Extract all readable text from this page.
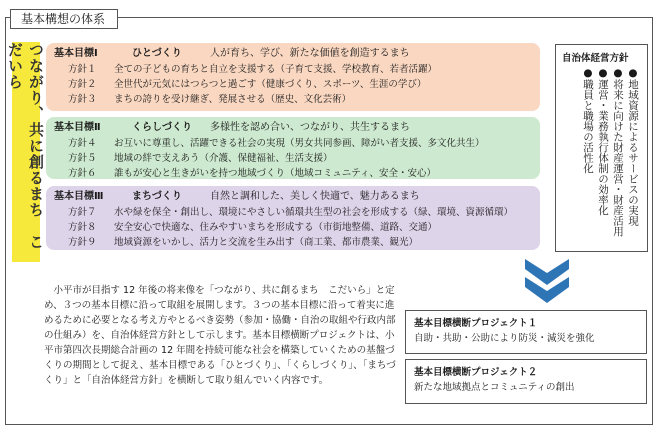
基本構想の体系
つながり、共に創るまち　こだいら	基本目標Ⅰ	ひとづくり	人が育ち、学び、新たな価値を創造するまち
方針１	全ての子どもの育ちと自立を支援する（子育て支援、学校教育、若者活躍）
方針２	全世代が元気にはつらつと過ごす（健康づくり、スポーツ、生涯の学び）
方針３	まちの誇りを受け継ぎ、発展させる（歴史、文化芸術）
基本目標Ⅱ	くらしづくり	多様性を認め合い、つながり、共生するまち
方針４	お互いに尊重し、活躍できる社会の実現（男女共同参画、障がい者支援、多文化共生）
方針５	地域の絆で支えあう（介護、保健福祉、生活支援）
方針６	誰もが安心と生きがいを持つ地域づくり（地域コミュニティ、安全・安心）
基本目標Ⅲ	まちづくり	自然と調和した、美しく快適で、魅力あるまち
方針７	水や緑を保全・創出し、環境にやさしい循環共生型の社会を形成する（緑、環境、資源循環）
方針８	安全安心で快適な、住みやすいまちを形成する（市街地整備、道路、交通）
方針９	地域資源をいかし、活力と交流を生み出す（商工業、都市農業、観光）
自治体経営方針
●地域資源によるサービスの実現
●将来に向けた財産運営・財産活用
●運営・業務執行体制の効率化
●職員と職場の活性化
小平市が目指す 12 年後の将来像を「つながり、共に創るまち　こだいら」と定め、３つの基本目標に沿って取組を展開します。３つの基本目標に沿って着実に進めるために必要となる考え方やとるべき姿勢（参加・協働・自治の取組や行政内部の仕組み）を、自治体経営方針として示します。基本目標横断プロジェクトは、小平市第四次長期総合計画の 12 年間を持続可能な社会を構築していくための基盤づくりの期間として捉え、基本目標である「ひとづくり」、「くらしづくり」、「まちづくり」と「自治体経営方針」を横断して取り組んでいく内容です。
基本目標横断プロジェクト１
自助・共助・公助により防災・減災を強化
基本目標横断プロジェクト２
新たな地域拠点とコミュニティの創出
